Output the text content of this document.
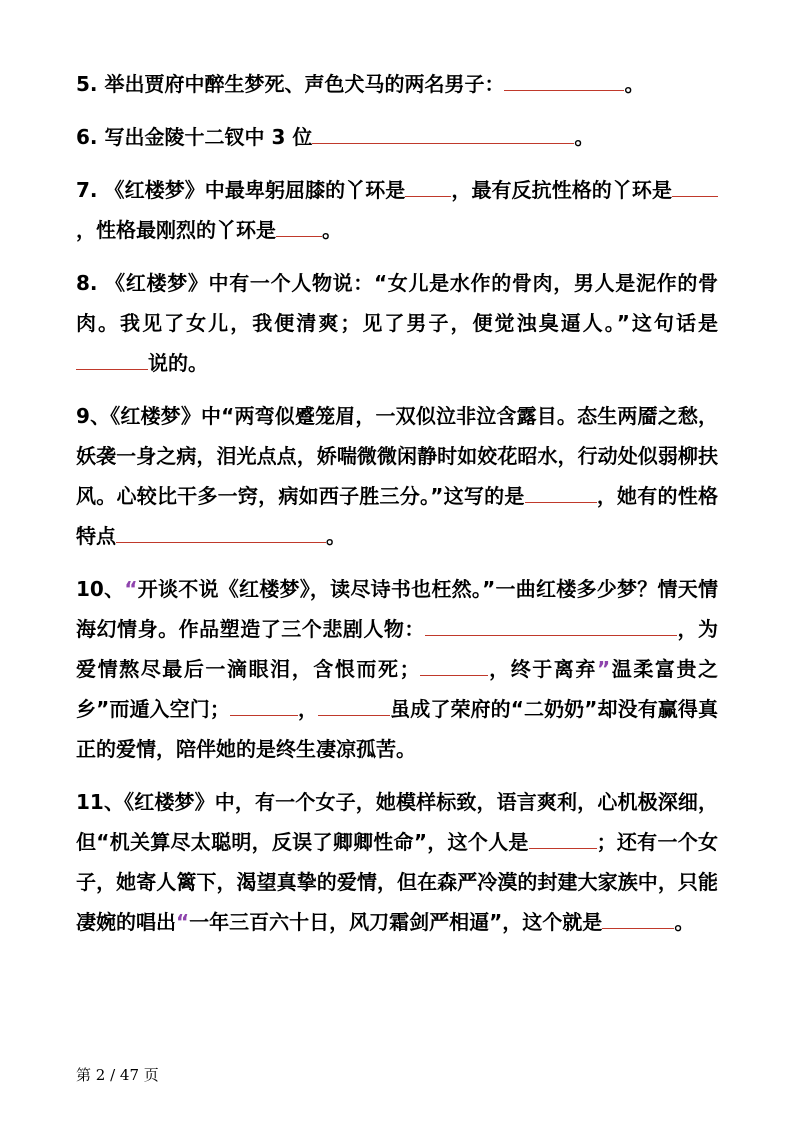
5. 举出贾府中醉生梦死、声色犬马的两名男子：	。

6. 写出金陵十二钗中 3 位	。

7. 《红楼梦》中最卑躬屈膝的丫环是 ，最有反抗性格的丫环是，性格最刚烈的丫环是 。

8. 《红楼梦》中有一个人物说：“女儿是水作的骨肉，男人是泥作的骨肉。我见了女儿，我便清爽；见了男子，便觉浊臭逼人。”这句话是说的。

9、《红楼梦》中“两弯似蹙笼眉，一双似泣非泣含露目。态生两靥之愁，妖袭一身之病，泪光点点，娇喘微微闲静时如姣花昭水，行动处似弱柳扶风。心较比干多一窍，病如西子胜三分。”这写的是	，她有的性格特点	。

10、“开谈不说《红楼梦》，读尽诗书也枉然。”一曲红楼多少梦？情天情海幻情身。作品塑造了三个悲剧人物：	，为爱情熬尽最后一滴眼泪，含恨而死；	，终于离弃”温柔富贵之乡”而遁入空门；	，	虽成了荣府的“二奶奶”却没有赢得真正的爱情，陪伴她的是终生凄凉孤苦。

11、《红楼梦》中，有一个女子，她模样标致，语言爽利，心机极深细，但“机关算尽太聪明，反误了卿卿性命”，这个人是	；还有一个女子，她寄人篱下，渴望真挚的爱情，但在森严冷漠的封建大家族中，只能凄婉的唱出“一年三百六十日，风刀霜剑严相逼”，这个就是	。

第 2 / 47 页
